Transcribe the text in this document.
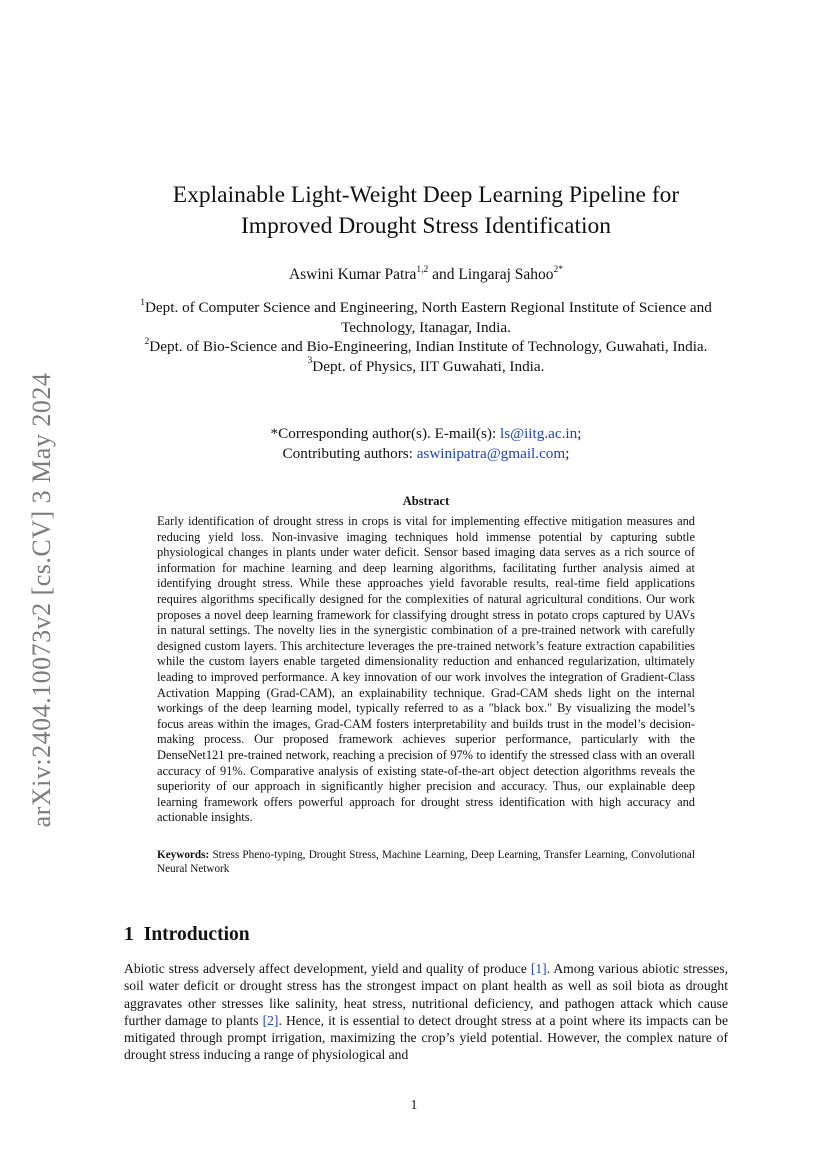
arXiv:2404.10073v2 [cs.CV] 3 May 2024
Explainable Light-Weight Deep Learning Pipeline for
Improved Drought Stress Identification
Aswini Kumar Patra$^{1,2}$ and Lingaraj Sahoo$^{2*}$
$^1$Dept. of Computer Science and Engineering, North Eastern Regional Institute of Science and Technology, Itanagar, India.
$^2$Dept. of Bio-Science and Bio-Engineering, Indian Institute of Technology, Guwahati, India.
$^3$Dept. of Physics, IIT Guwahati, India.
*Corresponding author(s). E-mail(s): ls@iitg.ac.in;
Contributing authors: aswinipatra@gmail.com;
Abstract
Early identification of drought stress in crops is vital for implementing effective mitigation measures and reducing yield loss. Non-invasive imaging techniques hold immense potential by capturing subtle physiological changes in plants under water deficit. Sensor based imaging data serves as a rich source of information for machine learning and deep learning algorithms, facilitating further analysis aimed at identifying drought stress. While these approaches yield favorable results, real-time field applications requires algorithms specifically designed for the complexities of natural agricultural conditions. Our work proposes a novel deep learning framework for classifying drought stress in potato crops captured by UAVs in natural settings. The novelty lies in the synergistic combination of a pre-trained network with carefully designed custom layers. This architecture leverages the pre-trained network’s feature extraction capabilities while the custom layers enable targeted dimensionality reduction and enhanced regularization, ultimately leading to improved performance. A key innovation of our work involves the integration of Gradient-Class Activation Mapping (Grad-CAM), an explainability technique. Grad-CAM sheds light on the internal workings of the deep learning model, typically referred to as a "black box." By visualizing the model’s focus areas within the images, Grad-CAM fosters interpretability and builds trust in the model’s decision-making process. Our proposed framework achieves superior performance, particularly with the DenseNet121 pre-trained network, reaching a precision of 97% to identify the stressed class with an overall accuracy of 91%. Comparative analysis of existing state-of-the-art object detection algorithms reveals the superiority of our approach in significantly higher precision and accuracy. Thus, our explainable deep learning framework offers powerful approach for drought stress identification with high accuracy and actionable insights.
Keywords: Stress Pheno-typing, Drought Stress, Machine Learning, Deep Learning, Transfer Learning, Convolutional Neural Network
1 Introduction
Abiotic stress adversely affect development, yield and quality of produce [1]. Among various abiotic stresses, soil water deficit or drought stress has the strongest impact on plant health as well as soil biota as drought aggravates other stresses like salinity, heat stress, nutritional deficiency, and pathogen attack which cause further damage to plants [2]. Hence, it is essential to detect drought stress at a point where its impacts can be mitigated through prompt irrigation, maximizing the crop’s yield potential. However, the complex nature of drought stress inducing a range of physiological and
1
